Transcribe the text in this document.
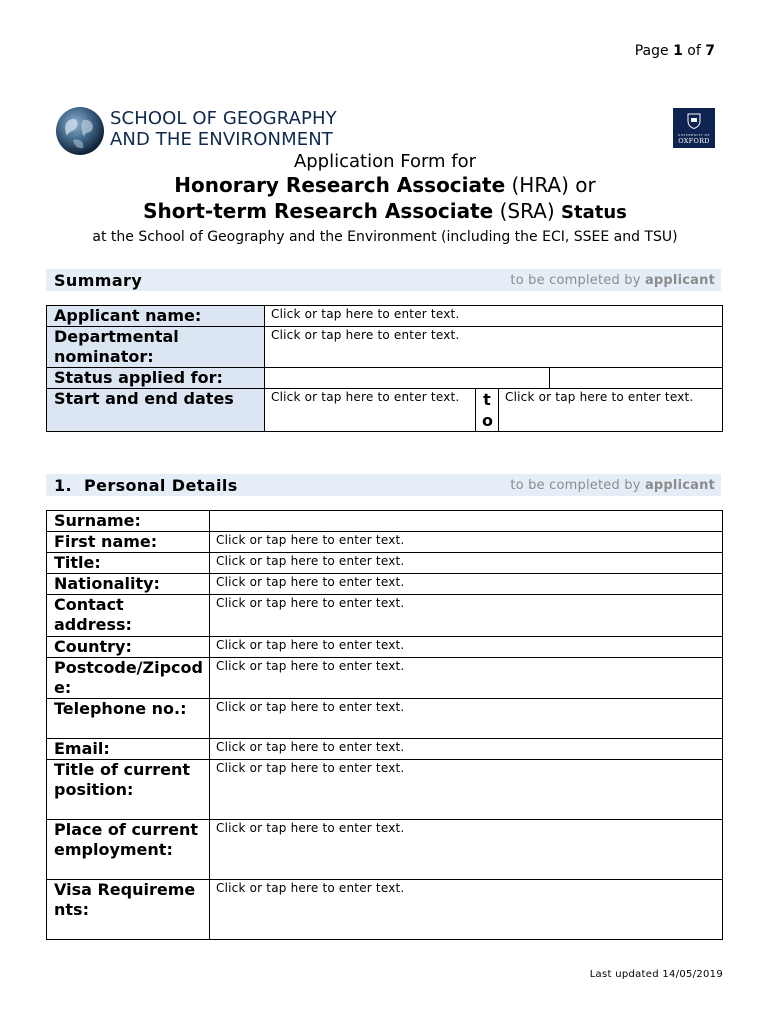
Page 1 of 7
SCHOOL OF GEOGRAPHY
AND THE ENVIRONMENT	UNIVERSITY OF
OXFORD
Application Form for
Honorary Research Associate (HRA) or
Short-term Research Associate (SRA) Status
at the School of Geography and the Environment (including the ECI, SSEE and TSU)
Summary	to be completed by applicant
Applicant name:	Click or tap here to enter text.			
Departmental nominator:	Click or tap here to enter text.			
Status applied for:				
Start and end dates	Click or tap here to enter text.	to	Click or tap here to enter text.	
1.  Personal Details	to be completed by applicant
Surname:	
First name:	Click or tap here to enter text.
Title:	Click or tap here to enter text.
Nationality:	Click or tap here to enter text.
Contact address:	Click or tap here to enter text.
Country:	Click or tap here to enter text.
Postcode/Zipcode:	Click or tap here to enter text.
Telephone no.:	Click or tap here to enter text.
Email:	Click or tap here to enter text.
Title of current position:	Click or tap here to enter text.
Place of current employment:	Click or tap here to enter text.
Visa Requirements:	Click or tap here to enter text.
Last updated 14/05/2019
